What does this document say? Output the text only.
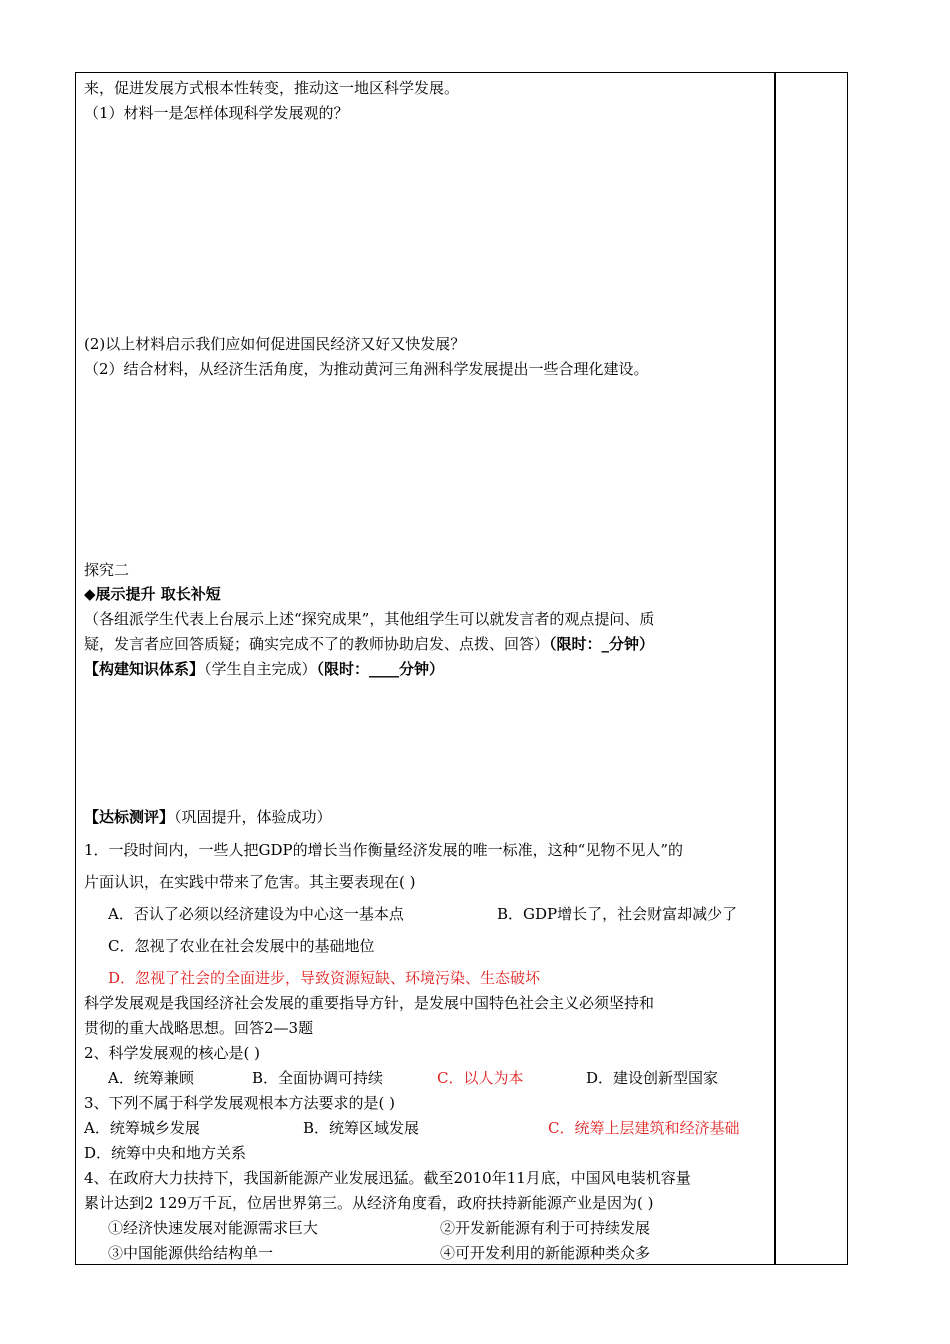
来，促进发展方式根本性转变，推动这一地区科学发展。
（1）材料一是怎样体现科学发展观的？
(2)以上材料启示我们应如何促进国民经济又好又快发展？
（2）结合材料，从经济生活角度，为推动黄河三角洲科学发展提出一些合理化建设。
探究二
◆展示提升 取长补短
（各组派学生代表上台展示上述“探究成果”，其他组学生可以就发言者的观点提问、质
疑，发言者应回答质疑；确实完成不了的教师协助启发、点拨、回答）（限时：_分钟）
【构建知识体系】（学生自主完成）（限时：____分钟）
【达标测评】（巩固提升，体验成功）
1．一段时间内，一些人把GDP的增长当作衡量经济发展的唯一标准，这种“见物不见人”的
片面认识，在实践中带来了危害。其主要表现在( )
A．否认了必须以经济建设为中心这一基本点	B．GDP增长了，社会财富却减少了
C．忽视了农业在社会发展中的基础地位
D．忽视了社会的全面进步，导致资源短缺、环境污染、生态破坏
科学发展观是我国经济社会发展的重要指导方针，是发展中国特色社会主义必须坚持和
贯彻的重大战略思想。回答2—3题
2、科学发展观的核心是( )
A．统筹兼顾	B．全面协调可持续	C．以人为本	D．建设创新型国家
3、下列不属于科学发展观根本方法要求的是( )
A．统筹城乡发展	B．统筹区域发展	C．统筹上层建筑和经济基础
D．统筹中央和地方关系
4、在政府大力扶持下，我国新能源产业发展迅猛。截至2010年11月底，中国风电装机容量
累计达到2 129万千瓦，位居世界第三。从经济角度看，政府扶持新能源产业是因为( )
①经济快速发展对能源需求巨大	②开发新能源有利于可持续发展
③中国能源供给结构单一	④可开发利用的新能源种类众多
